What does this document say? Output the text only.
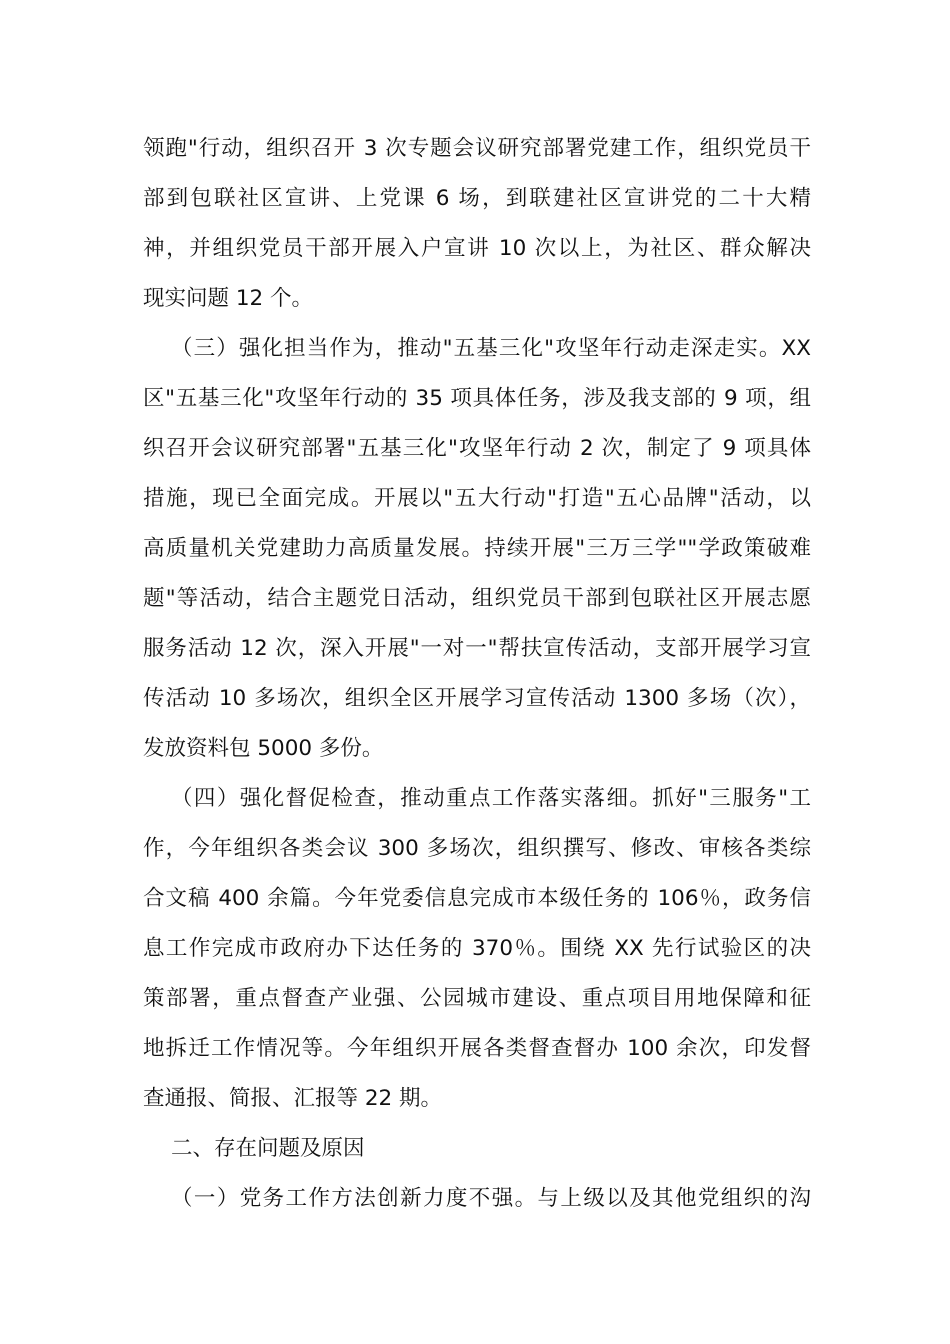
领跑"行动，组织召开 3 次专题会议研究部署党建工作，组织党员干
部到包联社区宣讲、上党课 6 场，到联建社区宣讲党的二十大精
神，并组织党员干部开展入户宣讲 10 次以上，为社区、群众解决
现实问题 12 个。
（三）强化担当作为，推动"五基三化"攻坚年行动走深走实。XX
区"五基三化"攻坚年行动的 35 项具体任务，涉及我支部的 9 项，组
织召开会议研究部署"五基三化"攻坚年行动 2 次，制定了 9 项具体
措施，现已全面完成。开展以"五大行动"打造"五心品牌"活动，以
高质量机关党建助力高质量发展。持续开展"三万三学""学政策破难
题"等活动，结合主题党日活动，组织党员干部到包联社区开展志愿
服务活动 12 次，深入开展"一对一"帮扶宣传活动，支部开展学习宣
传活动 10 多场次，组织全区开展学习宣传活动 1300 多场（次），
发放资料包 5000 多份。
（四）强化督促检查，推动重点工作落实落细。抓好"三服务"工
作，今年组织各类会议 300 多场次，组织撰写、修改、审核各类综
合文稿 400 余篇。今年党委信息完成市本级任务的 106％，政务信
息工作完成市政府办下达任务的 370％。围绕 XX 先行试验区的决
策部署，重点督查产业强、公园城市建设、重点项目用地保障和征
地拆迁工作情况等。今年组织开展各类督查督办 100 余次，印发督
查通报、简报、汇报等 22 期。
二、存在问题及原因
（一）党务工作方法创新力度不强。与上级以及其他党组织的沟
